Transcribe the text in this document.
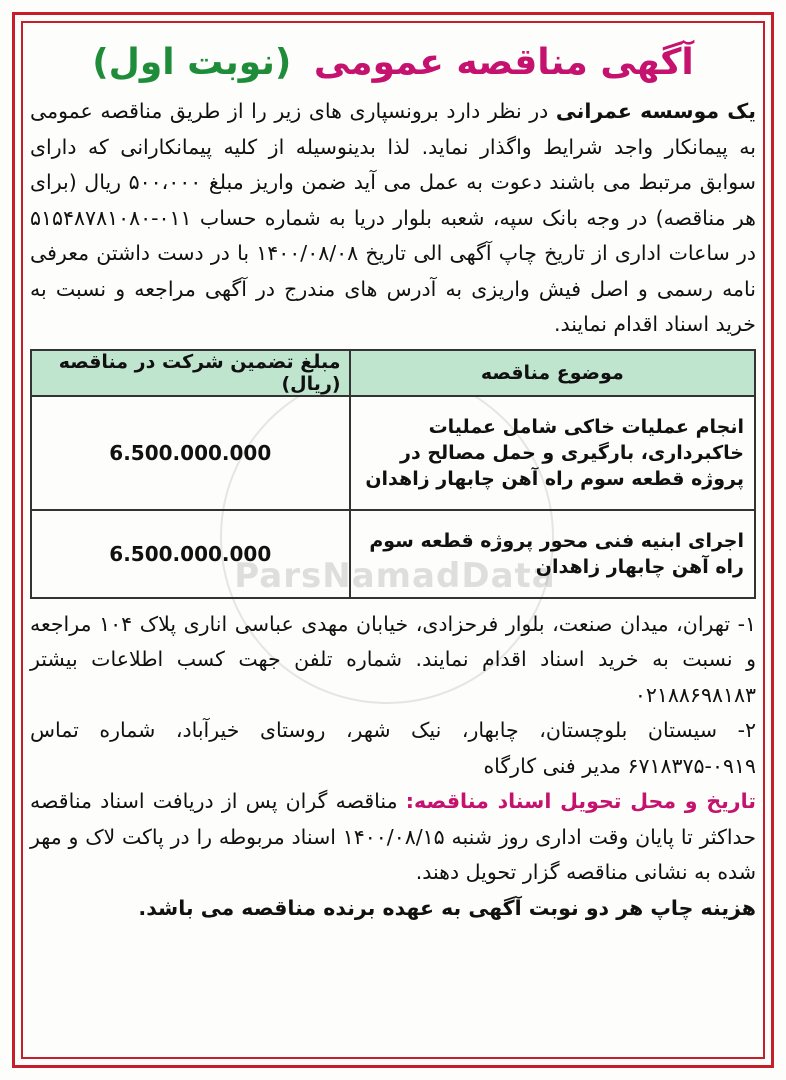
ParsNamadData
آگهی مناقصه عمومی (نوبت اول)

یک موسسه عمرانی در نظر دارد برونسپاری های زیر را از طریق مناقصه عمومی به پیمانکار واجد شرایط واگذار نماید. لذا بدینوسیله از کلیه پیمانکارانی که دارای سوابق مرتبط می باشند دعوت به عمل می آید ضمن واریز مبلغ ۵۰۰،۰۰۰ ریال (برای هر مناقصه) در وجه بانک سپه، شعبه بلوار دریا به شماره حساب ۰۱۱-۵۱۵۴۸۷۸۱۰۸۰ در ساعات اداری از تاریخ چاپ آگهی الی تاریخ ۱۴۰۰/۰۸/۰۸ با در دست داشتن معرفی نامه رسمی و اصل فیش واریزی به آدرس های مندرج در آگهی مراجعه و نسبت به خرید اسناد اقدام نمایند.

موضوع مناقصه	مبلغ تضمین شرکت در مناقصه (ریال)
انجام عملیات خاکی شامل عملیات خاکبرداری، بارگیری و حمل مصالح در پروژه قطعه سوم راه آهن چابهار زاهدان	6.500.000.000
اجرای ابنیه فنی محور پروژه قطعه سوم راه آهن چابهار زاهدان	6.500.000.000

۱- تهران، میدان صنعت، بلوار فرحزادی، خیابان مهدی عباسی اناری پلاک ۱۰۴ مراجعه و نسبت به خرید اسناد اقدام نمایند. شماره تلفن جهت کسب اطلاعات بیشتر ۰۲۱۸۸۶۹۸۱۸۳

۲- سیستان بلوچستان، چابهار، نیک شهر، روستای خیرآباد، شماره تماس ۰۹۱۹-۶۷۱۸۳۷۵ مدیر فنی کارگاه

تاریخ و محل تحویل اسناد مناقصه: مناقصه گران پس از دریافت اسناد مناقصه حداکثر تا پایان وقت اداری روز شنبه ۱۴۰۰/۰۸/۱۵ اسناد مربوطه را در پاکت لاک و مهر شده به نشانی مناقصه گزار تحویل دهند.

هزینه چاپ هر دو نوبت آگهی به عهده برنده مناقصه می باشد.
